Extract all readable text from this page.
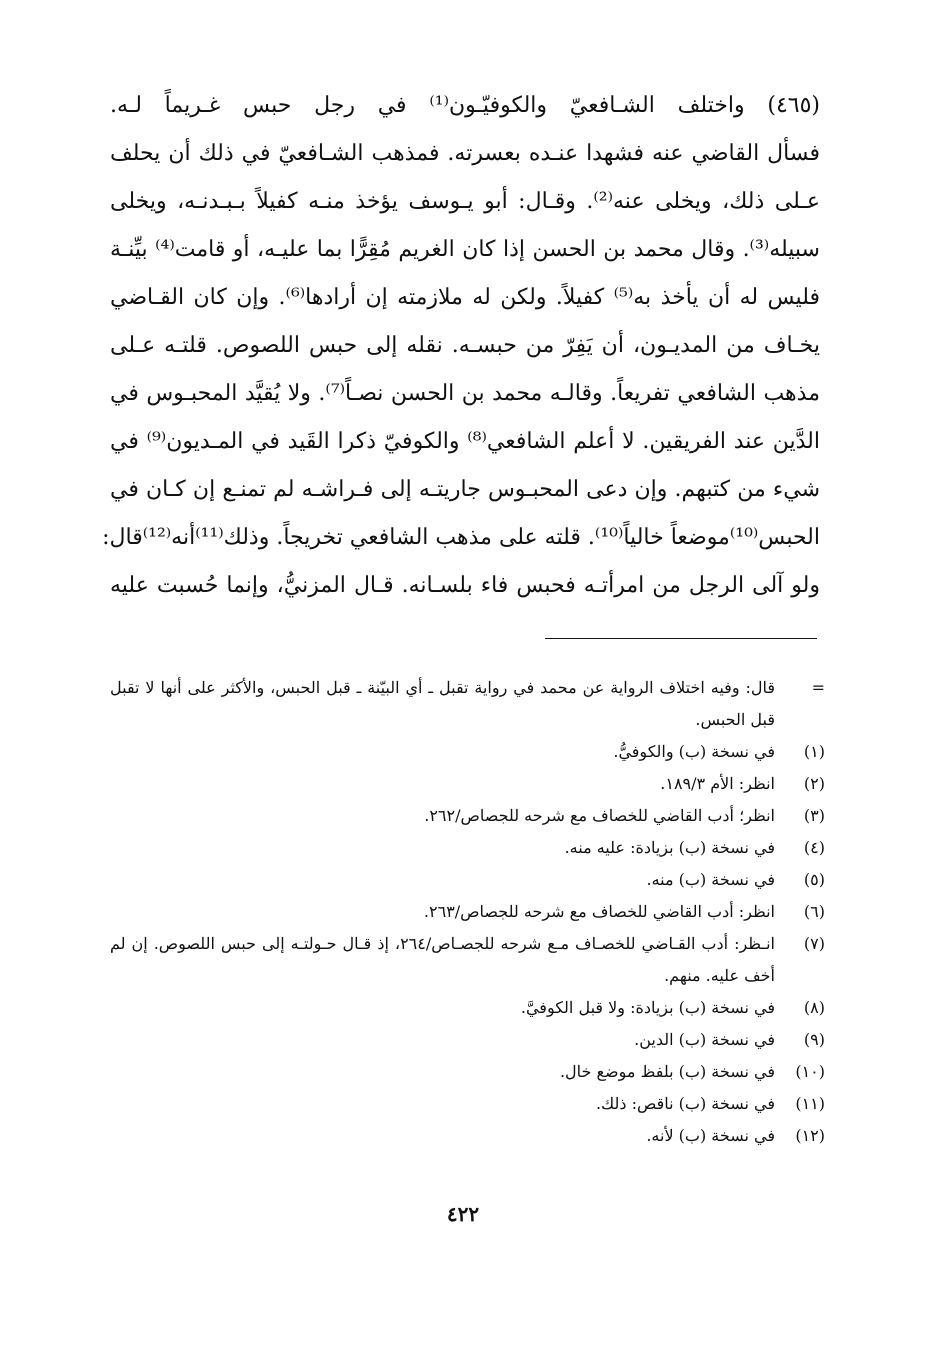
(٤٦٥) واختلف الشـافعيّ والكوفيّـون⁽¹⁾ في رجل حبس غـريماً لـه.
فسأل القاضي عنه فشهدا عنـده بعسرته. فمذهب الشـافعيّ في ذلك أن يحلف
عـلى ذلك، ويخلى عنه⁽²⁾. وقـال: أبو يـوسف يؤخذ منـه كفيلاً بـبـدنـه، ويخلى
سبيله⁽³⁾. وقال محمد بن الحسن إذا كان الغريم مُقِرًّا بما عليـه، أو قامت⁽⁴⁾ بيِّنـة
فليس له أن يأخذ به⁽⁵⁾ كفيلاً. ولكن له ملازمته إن أرادها⁽⁶⁾. وإن كان القـاضي
يخـاف من المديـون، أن يَفِرّ من حبسـه. نقله إلى حبس اللصوص. قلتـه عـلى
مذهب الشافعي تفريعاً. وقالـه محمد بن الحسن نصـاً⁽⁷⁾. ولا يُقيَّد المحبـوس في
الدَّين عند الفريقين. لا أعلم الشافعي⁽⁸⁾ والكوفيّ ذكرا القَيد في المـديون⁽⁹⁾ في
شيء من كتبهم. وإن دعى المحبـوس جاريتـه إلى فـراشـه لم تمنـع إن كـان في
الحبس⁽¹⁰⁾موضعاً خالياً⁽¹⁰⁾. قلته على مذهب الشافعي تخريجاً. وذلك⁽¹¹⁾أنه⁽¹²⁾قال:
ولو آلى الرجل من امرأتـه فحبس فاء بلسـانه. قـال المزنيُّ، وإنما حُسبت عليه
=
قال: وفيه اختلاف الرواية عن محمد في رواية تقبل ـ أي البيّنة ـ قبل الحبس، والأكثر على أنها لا تقبل قبل الحبس.
(١)
في نسخة (ب) والكوفيُّ.
(٢)
انظر: الأم ١٨٩/٣.
(٣)
انظر؛ أدب القاضي للخصاف مع شرحه للجصاص/٢٦٢.
(٤)
في نسخة (ب) بزيادة: عليه منه.
(٥)
في نسخة (ب) منه.
(٦)
انظر: أدب القاضي للخصاف مع شرحه للجصاص/٢٦٣.
(٧)
انـظر: أدب القـاضي للخصـاف مـع شرحه للجصـاص/٢٦٤، إذ قـال حـولتـه إلى حبس اللصوص. إن لم أخف عليه. منهم.
(٨)
في نسخة (ب) بزيادة: ولا قبل الكوفيَّ.
(٩)
في نسخة (ب) الدين.
(١٠)
في نسخة (ب) بلفظ موضع خال.
(١١)
في نسخة (ب) ناقص: ذلك.
(١٢)
في نسخة (ب) لأنه.
٤٢٢
